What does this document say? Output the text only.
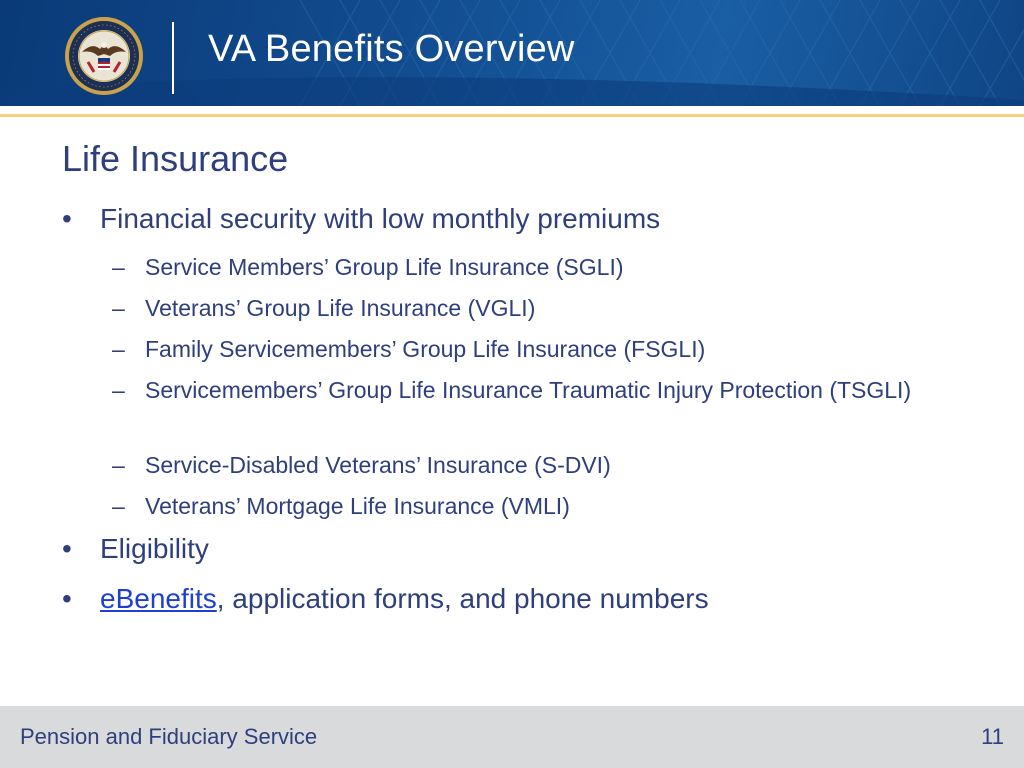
VA Benefits Overview
Life Insurance
• Financial security with low monthly premiums
– Service Members’ Group Life Insurance (SGLI)
– Veterans’ Group Life Insurance (VGLI)
– Family Servicemembers’ Group Life Insurance (FSGLI)
– Servicemembers’ Group Life Insurance Traumatic Injury Protection (TSGLI)
– Service-Disabled Veterans’ Insurance (S-DVI)
– Veterans’ Mortgage Life Insurance (VMLI)
• Eligibility
• eBenefits, application forms, and phone numbers
Pension and Fiduciary Service	11
